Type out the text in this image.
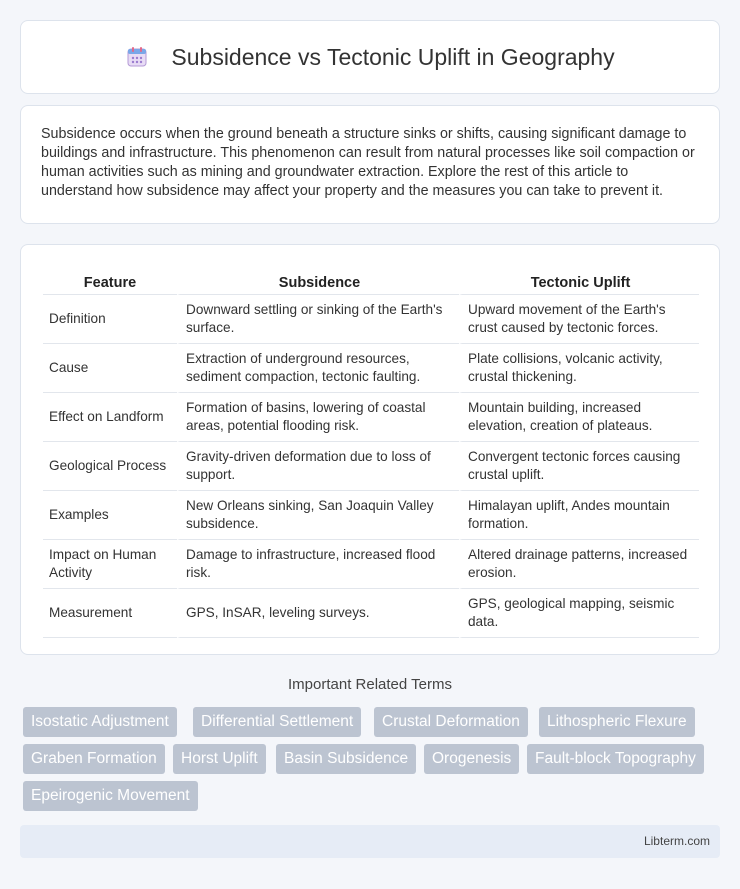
Subsidence vs Tectonic Uplift in Geography

Subsidence occurs when the ground beneath a structure sinks or shifts, causing significant damage to buildings and infrastructure. This phenomenon can result from natural processes like soil compaction or human activities such as mining and groundwater extraction. Explore the rest of this article to understand how subsidence may affect your property and the measures you can take to prevent it.

Feature	Subsidence	Tectonic Uplift
Definition	Downward settling or sinking of the Earth's surface.	Upward movement of the Earth's crust caused by tectonic forces.
Cause	Extraction of underground resources, sediment compaction, tectonic faulting.	Plate collisions, volcanic activity, crustal thickening.
Effect on Landform	Formation of basins, lowering of coastal areas, potential flooding risk.	Mountain building, increased elevation, creation of plateaus.
Geological Process	Gravity-driven deformation due to loss of support.	Convergent tectonic forces causing crustal uplift.
Examples	New Orleans sinking, San Joaquin Valley subsidence.	Himalayan uplift, Andes mountain formation.
Impact on Human Activity	Damage to infrastructure, increased flood risk.	Altered drainage patterns, increased erosion.
Measurement	GPS, InSAR, leveling surveys.	GPS, geological mapping, seismic data.
Important Related Terms
Isostatic Adjustment	Differential Settlement	Crustal Deformation	Lithospheric Flexure
Graben Formation	Horst Uplift	Basin Subsidence	Orogenesis	Fault-block Topography
Epeirogenic Movement
Libterm.com
